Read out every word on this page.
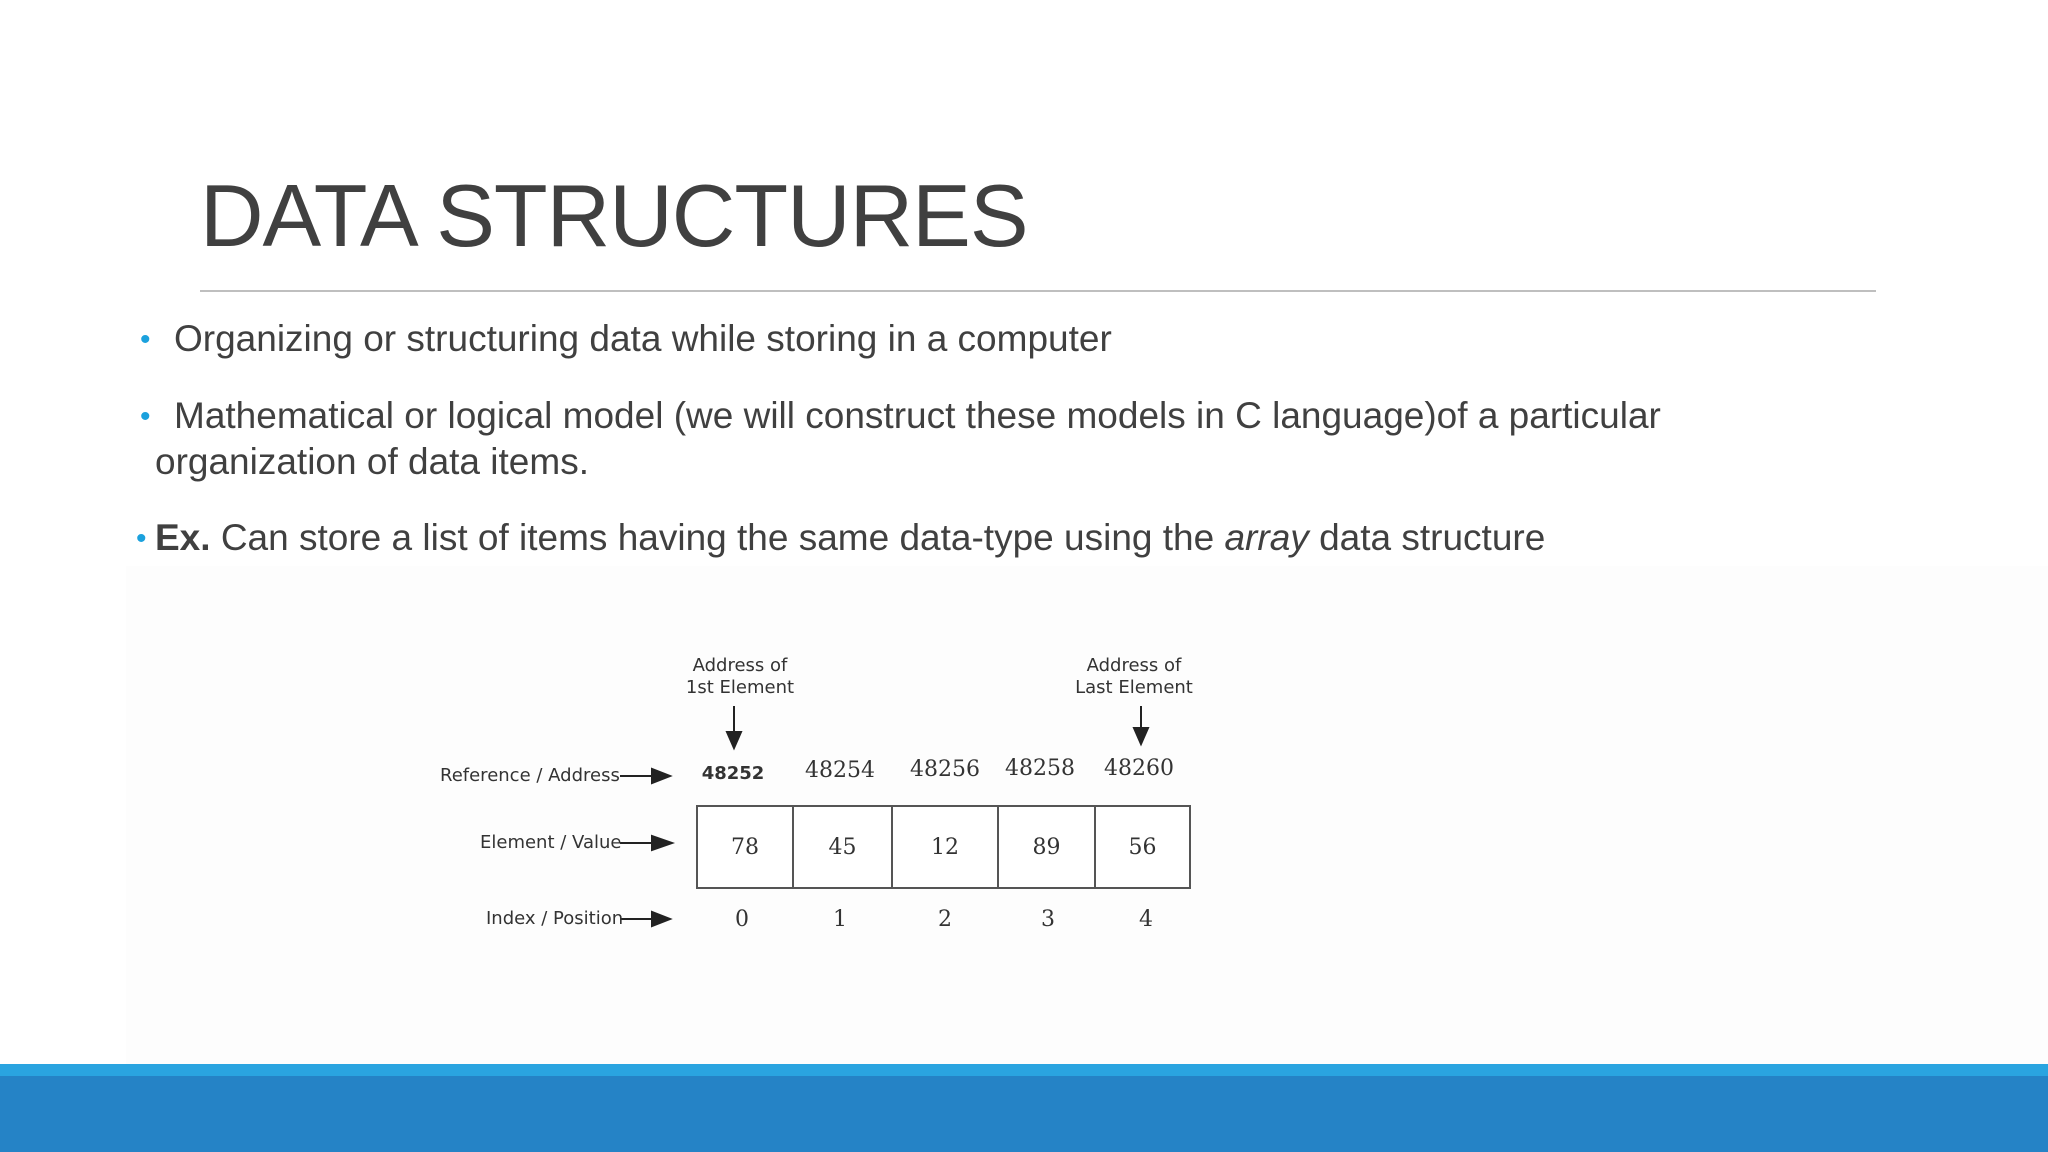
DATA STRUCTURES
• Organizing or structuring data while storing in a computer
• Mathematical or logical model (we will construct these models in C language)of a particular
organization of data items.
• Ex. Can store a list of items having the same data-type using the array data structure
Address of
1st Element
Address of
Last Element
Reference / Address
Element / Value
Index / Position
48252	48254	48256	48258	48260
78	45	12	89	56
0	1	2	3	4
